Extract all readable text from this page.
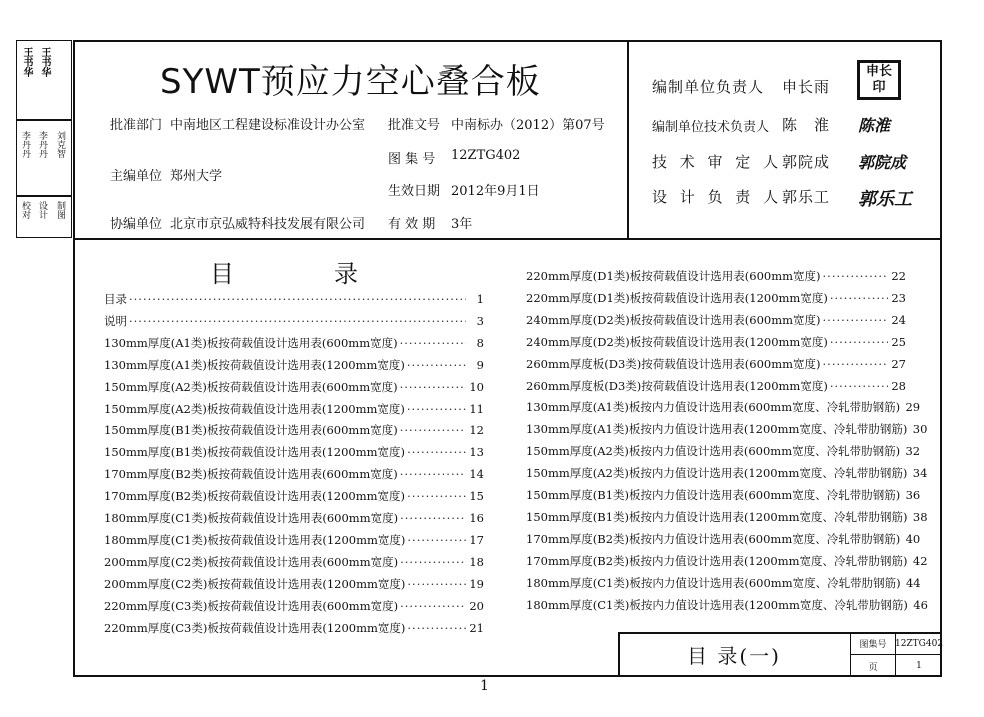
王书华
王书华
李丹丹
李丹丹
刘克智
校对
设计
制图
SYWT预应力空心叠合板
批准部门 中南地区工程建设标准设计办公室 批准文号 中南标办（2012）第07号
图 集 号 12ZTG402
主编单位 郑州大学
生效日期 2012年9月1日
协编单位 北京市京弘威特科技发展有限公司 有 效 期 3年
编制单位负责人 申长雨
申长印
编制单位技术负责人 陈　淮 陈淮
技 术 审 定 人 郭院成 郭院成
设 计 负 责 人 郭乐工 郭乐工
目	录
目录 ·····	1
说明 ·····	3
130mm厚度(A1类)板按荷载值设计选用表(600mm宽度) ·····	8
130mm厚度(A1类)板按荷载值设计选用表(1200mm宽度) ·····	9
150mm厚度(A2类)板按荷载值设计选用表(600mm宽度) ·····	10
150mm厚度(A2类)板按荷载值设计选用表(1200mm宽度) ·····	11
150mm厚度(B1类)板按荷载值设计选用表(600mm宽度) ·····	12
150mm厚度(B1类)板按荷载值设计选用表(1200mm宽度) ·····	13
170mm厚度(B2类)板按荷载值设计选用表(600mm宽度) ·····	14
170mm厚度(B2类)板按荷载值设计选用表(1200mm宽度) ·····	15
180mm厚度(C1类)板按荷载值设计选用表(600mm宽度) ·····	16
180mm厚度(C1类)板按荷载值设计选用表(1200mm宽度) ·····	17
200mm厚度(C2类)板按荷载值设计选用表(600mm宽度) ·····	18
200mm厚度(C2类)板按荷载值设计选用表(1200mm宽度) ·····	19
220mm厚度(C3类)板按荷载值设计选用表(600mm宽度) ·····	20
220mm厚度(C3类)板按荷载值设计选用表(1200mm宽度) ·····	21
220mm厚度(D1类)板按荷载值设计选用表(600mm宽度) ·····	22
220mm厚度(D1类)板按荷载值设计选用表(1200mm宽度) ·····	23
240mm厚度(D2类)板按荷载值设计选用表(600mm宽度) ·····	24
240mm厚度(D2类)板按荷载值设计选用表(1200mm宽度) ·····	25
260mm厚度板(D3类)按荷载值设计选用表(600mm宽度) ·····	27
260mm厚度板(D3类)按荷载值设计选用表(1200mm宽度) ·····	28
130mm厚度(A1类)板按内力值设计选用表(600mm宽度、冷轧带肋钢筋) 29
130mm厚度(A1类)板按内力值设计选用表(1200mm宽度、冷轧带肋钢筋) 30
150mm厚度(A2类)板按内力值设计选用表(600mm宽度、冷轧带肋钢筋) 32
150mm厚度(A2类)板按内力值设计选用表(1200mm宽度、冷轧带肋钢筋) 34
150mm厚度(B1类)板按内力值设计选用表(600mm宽度、冷轧带肋钢筋) 36
150mm厚度(B1类)板按内力值设计选用表(1200mm宽度、冷轧带肋钢筋) 38
170mm厚度(B2类)板按内力值设计选用表(600mm宽度、冷轧带肋钢筋) 40
170mm厚度(B2类)板按内力值设计选用表(1200mm宽度、冷轧带肋钢筋) 42
180mm厚度(C1类)板按内力值设计选用表(600mm宽度、冷轧带肋钢筋) 44
180mm厚度(C1类)板按内力值设计选用表(1200mm宽度、冷轧带肋钢筋) 46
目 录(一)	图集号 12ZTG402
页	1
1
